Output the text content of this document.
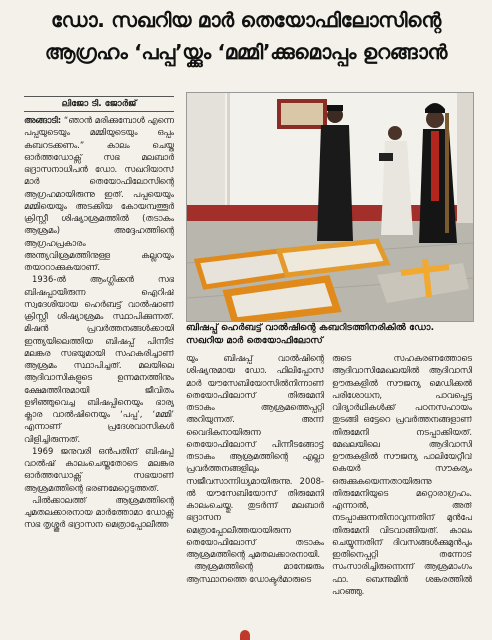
ഡോ. സഖറിയ മാർ തെയോഫിലോസിന്റെ
ആഗ്രഹം ‘പപ്പ’യ്ക്കും ‘മമ്മി’ക്കുമൊപ്പം ഉറങ്ങാൻ
ലിജോ ടി. ജോർജ്

അങ്ങാടി: “ഞാൻ മരിക്കുമ്പോൾ എന്നെ പപ്പയുടെയും മമ്മിയുടെയും ഒപ്പം കബറടക്കണം.” കാലം ചെയ്ത ഓർത്തഡോക്സ് സഭ മലബാർ ഭദ്രാസനാധിപൻ ഡോ. സഖറിയാസ് മാർ തെയോഫിലോസിന്റെ ആഗ്രഹമായിരുന്നു ഇത്. പപ്പയെയും മമ്മിയെയും അടക്കിയ കോയമ്പത്തൂർ ക്രിസ്റ്റീ ശിഷ്യാശ്രമത്തിൽ (തടാകം ആശ്രമം) അദ്ദേഹത്തിന്റെ ആഗ്രഹപ്രകാരം അന്ത്യവിശ്രമത്തിനുള്ള കല്ലറയും തയാറാക്കുകയാണ്.

1936-ൽ ആംഗ്ലിക്കൻ സഭ ബിഷപ്പായിരുന്ന ഐറിഷ് സ്വദേശിയായ ഹെർബട്ട് വാൽഷാണ് ക്രിസ്റ്റീ ശിഷ്യാശ്രമം സ്ഥാപിക്കുന്നത്. മിഷൻ പ്രവർത്തനങ്ങൾക്കായി ഇന്ത്യയിലെത്തിയ ബിഷപ്പ് പിന്നീട് മലങ്കര സഭയുമായി സഹകരിച്ചാണ് ആശ്രമം സ്ഥാപിച്ചത്. മലയിലെ ആദിവാസികളുടെ ഉന്നമനത്തിനും ക്ഷേമത്തിനുമായി ജീവിതം ഉഴിഞ്ഞുവെച്ച ബിഷപ്പിനെയും ഭാര്യ ക്ലാര വാൽഷിനെയും ‘പപ്പ’, ‘മമ്മി’ എന്നാണ് പ്രദേശവാസികൾ വിളിച്ചിരുന്നത്.

1969 ജനുവരി ഒൻപതിന് ബിഷപ്പ് വാൽഷ് കാലംചെയ്തതോടെ മലങ്കര ഓർത്തഡോക്സ് സഭയാണ് ആശ്രമത്തിന്റെ ഭരണമേറ്റെടുത്തത്.

പിൽക്കാലത്ത് ആശ്രമത്തിന്റെ ചുമതലക്കാരനായ മാർത്തോമാ ഡോക്സ് സഭ തൃശ്ശൂർ ഭദ്രാസന മെത്രാപ്പോലീത്ത

ബിഷപ്പ് ഹെർബട്ട് വാൽഷിന്റെ കബറിടത്തിനരികിൽ ഡോ. സഖറിയ മാർ തെയോഫിലോസ്

യും ബിഷപ്പ് വാൽഷിന്റെ ശിഷ്യനുമായ ഡോ. ഫിലിപ്പോസ് മാർ യൗസേബിയോസിൽനിന്നാണ് തെയോഫിലോസ് തിരുമേനി തടാകം ആശ്രമത്തെപ്പറ്റി അറിയുന്നത്. അന്ന് വൈദികനായിരുന്ന തെയോഫിലോസ് പിന്നീടങ്ങോട്ട് തടാകം ആശ്രമത്തിന്റെ എല്ലാ പ്രവർത്തനങ്ങളിലും സജീവസാന്നിധ്യമായിരുന്നു. 2008-ൽ യൗസേബിയോസ് തിരുമേനി കാലംചെയ്തു. തുടർന്ന് മലബാർ ഭദ്രാസന മെത്രാപ്പോലീത്തയായിരുന്ന തെയോഫിലോസ് തടാകം ആശ്രമത്തിന്റെ ചുമതലക്കാരനായി.

ആശ്രമത്തിന്റെ മാനേജരും ആസ്ഥാനത്തെ ഡോക്ടർമാരുടെ

രുടെ സഹകരണത്തോടെ ആദിവാസിമേഖലയിൽ ആദിവാസി ഊരുകളിൽ സൗജന്യ മെഡിക്കൽ പരിശോധന, പാവപ്പെട്ട വിദ്യാർഥികൾക്ക് പഠനസഹായം തുടങ്ങി ഒട്ടേറെ പ്രവർത്തനങ്ങളാണ് തിരുമേനി നടപ്പാക്കിയത്. മേഖലയിലെ ആദിവാസി ഊരുകളിൽ സൗജന്യ പാലിയേറ്റീവ് കെയർ സൗകര്യം ഒരുക്കുകയെന്നതായിരുന്നു തിരുമേനിയുടെ മറ്റൊരാഗ്രഹം. എന്നാൽ, അത് നടപ്പാക്കുന്നതിനാവുന്നതിന് മുൻപേ തിരുമേനി വിടവാങ്ങിയത്. കാലം ചെയ്യുന്നതിന് ദിവസങ്ങൾക്കുമുൻപും ഇതിനെപ്പറ്റി തന്നോട് സംസാരിച്ചിരുന്നെന്ന് ആശ്രമാംഗം ഫാ. ബെന്നുമിൻ ശങ്കരത്തിൽ പറഞ്ഞു.
